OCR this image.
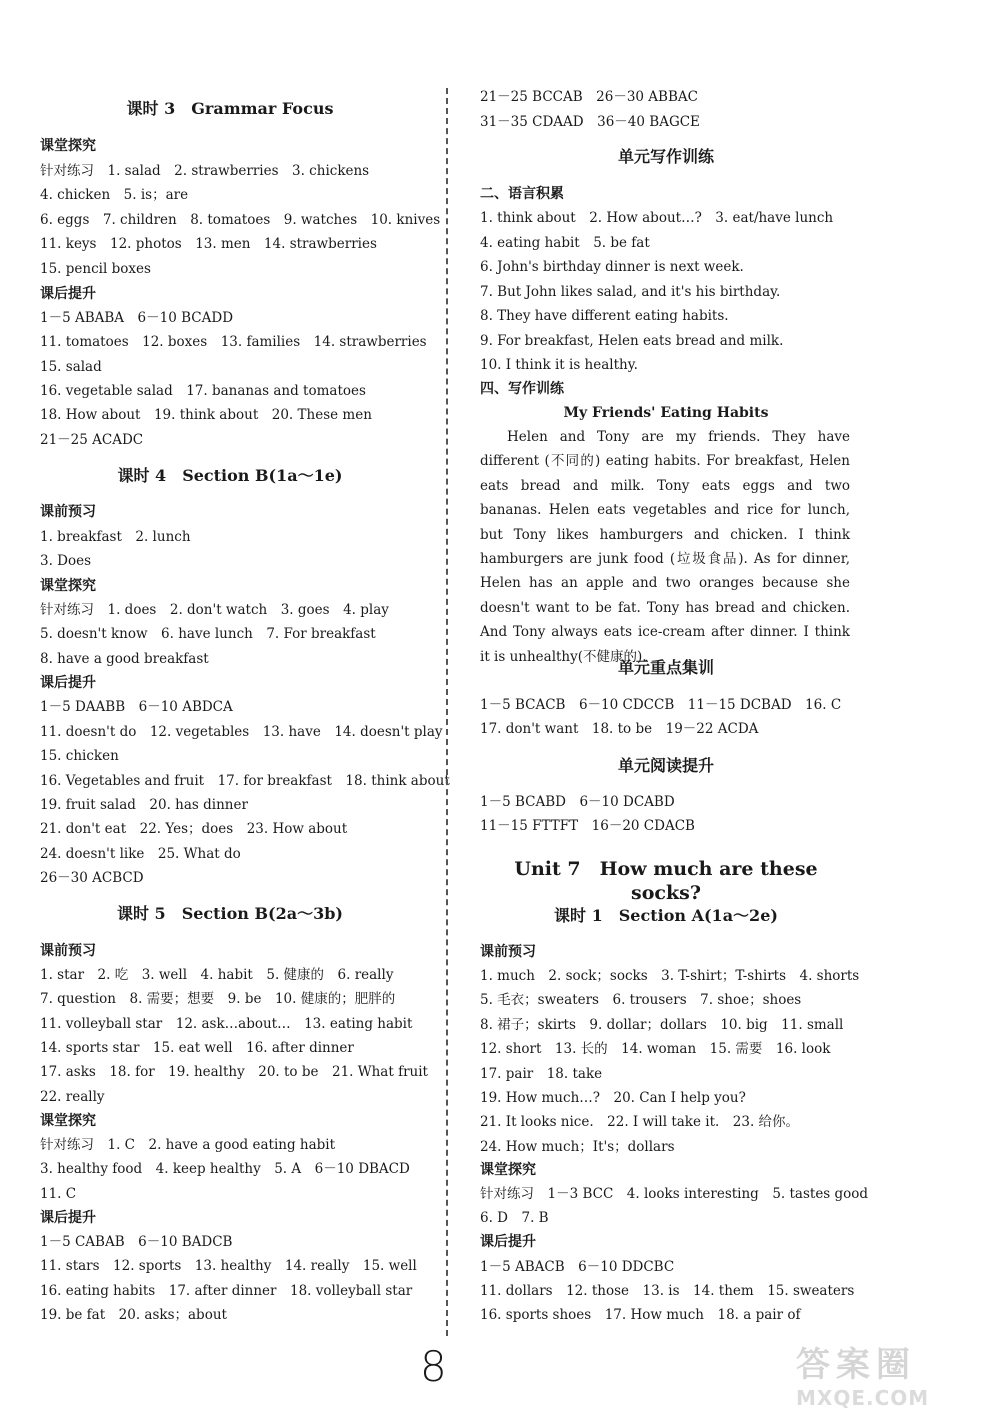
课时 3　Grammar Focus
课堂探究
针对练习　1. salad　2. strawberries　3. chickens
4. chicken　5. is；are
6. eggs　7. children　8. tomatoes　9. watches　10. knives
11. keys　12. photos　13. men　14. strawberries
15. pencil boxes
课后提升
1－5 ABABA　6－10 BCADD
11. tomatoes　12. boxes　13. families　14. strawberries
15. salad
16. vegetable salad　17. bananas and tomatoes
18. How about　19. think about　20. These men
21－25 ACADC
课时 4　Section B(1a～1e)
课前预习
1. breakfast　2. lunch
3. Does
课堂探究
针对练习　1. does　2. don't watch　3. goes　4. play
5. doesn't know　6. have lunch　7. For breakfast
8. have a good breakfast
课后提升
1－5 DAABB　6－10 ABDCA
11. doesn't do　12. vegetables　13. have　14. doesn't play
15. chicken
16. Vegetables and fruit　17. for breakfast　18. think about
19. fruit salad　20. has dinner
21. don't eat　22. Yes；does　23. How about
24. doesn't like　25. What do
26－30 ACBCD
课时 5　Section B(2a～3b)
课前预习
1. star　2. 吃　3. well　4. habit　5. 健康的　6. really
7. question　8. 需要；想要　9. be　10. 健康的；肥胖的
11. volleyball star　12. ask…about…　13. eating habit
14. sports star　15. eat well　16. after dinner
17. asks　18. for　19. healthy　20. to be　21. What fruit
22. really
课堂探究
针对练习　1. C　2. have a good eating habit
3. healthy food　4. keep healthy　5. A　6－10 DBACD
11. C
课后提升
1－5 CABAB　6－10 BADCB
11. stars　12. sports　13. healthy　14. really　15. well
16. eating habits　17. after dinner　18. volleyball star
19. be fat　20. asks；about
21－25 BCCAB　26－30 ABBAC
31－35 CDAAD　36－40 BAGCE
单元写作训练
二、语言积累
1. think about　2. How about…?　3. eat/have lunch
4. eating habit　5. be fat
6. John's birthday dinner is next week.
7. But John likes salad, and it's his birthday.
8. They have different eating habits.
9. For breakfast, Helen eats bread and milk.
10. I think it is healthy.
四、写作训练
My Friends' Eating Habits

Helen and Tony are my friends. They have different (不同的) eating habits. For breakfast, Helen eats bread and milk. Tony eats eggs and two bananas. Helen eats vegetables and rice for lunch, but Tony likes hamburgers and chicken. I think hamburgers are junk food (垃圾食品). As for dinner, Helen has an apple and two oranges because she doesn't want to be fat. Tony has bread and chicken. And Tony always eats ice-cream after dinner. I think it is unhealthy(不健康的).

单元重点集训
1－5 BCACB　6－10 CDCCB　11－15 DCBAD　16. C
17. don't want　18. to be　19－22 ACDA
单元阅读提升
1－5 BCABD　6－10 DCABD
11－15 FTTFT　16－20 CDACB
Unit 7　How much are these socks?
课时 1　Section A(1a～2e)
课前预习
1. much　2. sock；socks　3. T-shirt；T-shirts　4. shorts
5. 毛衣；sweaters　6. trousers　7. shoe；shoes
8. 裙子；skirts　9. dollar；dollars　10. big　11. small
12. short　13. 长的　14. woman　15. 需要　16. look
17. pair　18. take
19. How much…?　20. Can I help you?
21. It looks nice.　22. I will take it.　23. 给你。
24. How much；It's；dollars
课堂探究
针对练习　1－3 BCC　4. looks interesting　5. tastes good
6. D　7. B
课后提升
1－5 ABACB　6－10 DDCBC
11. dollars　12. those　13. is　14. them　15. sweaters
16. sports shoes　17. How much　18. a pair of
8	答案圈
MXQE.COM
